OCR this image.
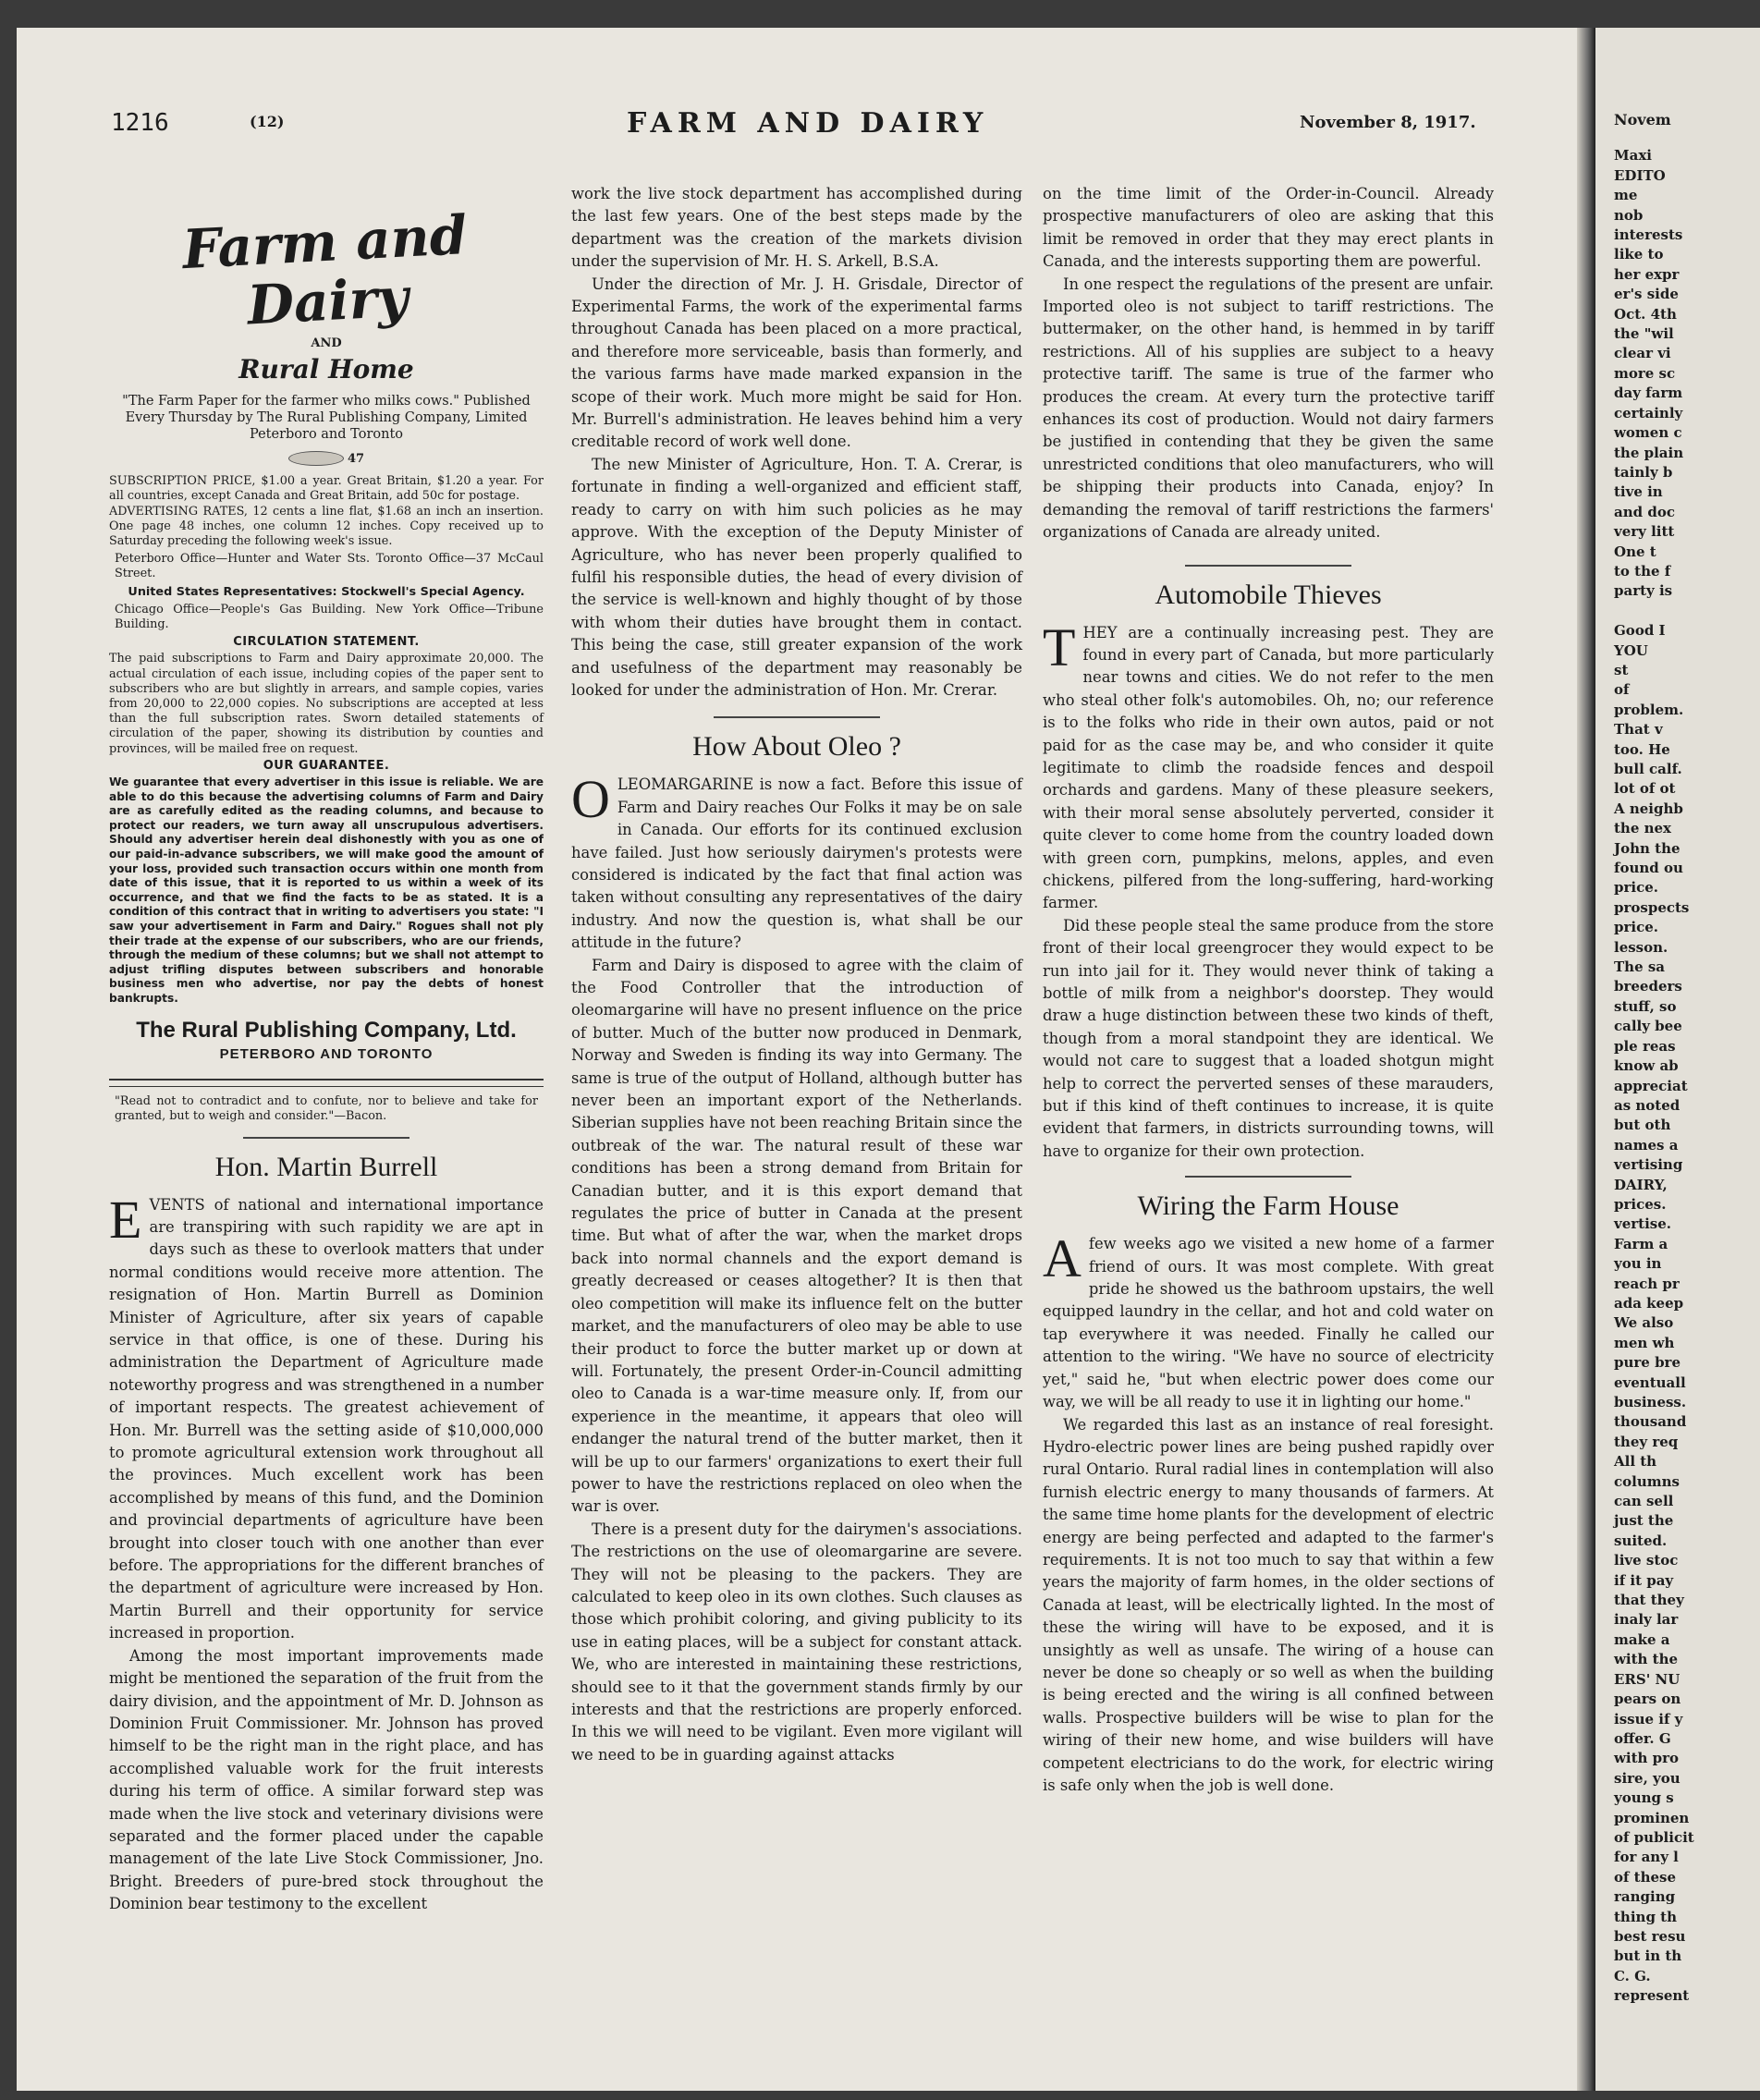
1216	(12)	FARM AND DAIRY	November 8, 1917.
Farm and Dairy
AND
Rural Home
"The Farm Paper for the farmer who milks cows." Published Every Thursday by The Rural Publishing Company, Limited Peterboro and Toronto
47

SUBSCRIPTION PRICE, $1.00 a year. Great Britain, $1.20 a year. For all countries, except Canada and Great Britain, add 50c for postage.

ADVERTISING RATES, 12 cents a line flat, $1.68 an inch an insertion. One page 48 inches, one column 12 inches. Copy received up to Saturday preceding the following week's issue.

Peterboro Office—Hunter and Water Sts. Toronto Office—37 McCaul Street.

United States Representatives: Stockwell's Special Agency.

Chicago Office—People's Gas Building. New York Office—Tribune Building.

CIRCULATION STATEMENT.

The paid subscriptions to Farm and Dairy approximate 20,000. The actual circulation of each issue, including copies of the paper sent to subscribers who are but slightly in arrears, and sample copies, varies from 20,000 to 22,000 copies. No subscriptions are accepted at less than the full subscription rates. Sworn detailed statements of circulation of the paper, showing its distribution by counties and provinces, will be mailed free on request.

OUR GUARANTEE.

We guarantee that every advertiser in this issue is reliable. We are able to do this because the advertising columns of Farm and Dairy are as carefully edited as the reading columns, and because to protect our readers, we turn away all unscrupulous advertisers. Should any advertiser herein deal dishonestly with you as one of our paid-in-advance subscribers, we will make good the amount of your loss, provided such transaction occurs within one month from date of this issue, that it is reported to us within a week of its occurrence, and that we find the facts to be as stated. It is a condition of this contract that in writing to advertisers you state: "I saw your advertisement in Farm and Dairy." Rogues shall not ply their trade at the expense of our subscribers, who are our friends, through the medium of these columns; but we shall not attempt to adjust trifling disputes between subscribers and honorable business men who advertise, nor pay the debts of honest bankrupts.

The Rural Publishing Company, Ltd.
PETERBORO AND TORONTO
"Read not to contradict and to confute, nor to believe and take for granted, but to weigh and consider."—Bacon.
Hon. Martin Burrell

EVENTS of national and international importance are transpiring with such rapidity we are apt in days such as these to overlook matters that under normal conditions would receive more attention. The resignation of Hon. Martin Burrell as Dominion Minister of Agriculture, after six years of capable service in that office, is one of these. During his administration the Department of Agriculture made noteworthy progress and was strengthened in a number of important respects. The greatest achievement of Hon. Mr. Burrell was the setting aside of $10,000,000 to promote agricultural extension work throughout all the provinces. Much excellent work has been accomplished by means of this fund, and the Dominion and provincial departments of agriculture have been brought into closer touch with one another than ever before. The appropriations for the different branches of the department of agriculture were increased by Hon. Martin Burrell and their opportunity for service increased in proportion.

Among the most important improvements made might be mentioned the separation of the fruit from the dairy division, and the appointment of Mr. D. Johnson as Dominion Fruit Commissioner. Mr. Johnson has proved himself to be the right man in the right place, and has accomplished valuable work for the fruit interests during his term of office. A similar forward step was made when the live stock and veterinary divisions were separated and the former placed under the capable management of the late Live Stock Commissioner, Jno. Bright. Breeders of pure-bred stock throughout the Dominion bear testimony to the excellent

work the live stock department has accomplished during the last few years. One of the best steps made by the department was the creation of the markets division under the supervision of Mr. H. S. Arkell, B.S.A.

Under the direction of Mr. J. H. Grisdale, Director of Experimental Farms, the work of the experimental farms throughout Canada has been placed on a more practical, and therefore more serviceable, basis than formerly, and the various farms have made marked expansion in the scope of their work. Much more might be said for Hon. Mr. Burrell's administration. He leaves behind him a very creditable record of work well done.

The new Minister of Agriculture, Hon. T. A. Crerar, is fortunate in finding a well-organized and efficient staff, ready to carry on with him such policies as he may approve. With the exception of the Deputy Minister of Agriculture, who has never been properly qualified to fulfil his responsible duties, the head of every division of the service is well-known and highly thought of by those with whom their duties have brought them in contact. This being the case, still greater expansion of the work and usefulness of the department may reasonably be looked for under the administration of Hon. Mr. Crerar.

How About Oleo ?

OLEOMARGARINE is now a fact. Before this issue of Farm and Dairy reaches Our Folks it may be on sale in Canada. Our efforts for its continued exclusion have failed. Just how seriously dairymen's protests were considered is indicated by the fact that final action was taken without consulting any representatives of the dairy industry. And now the question is, what shall be our attitude in the future?

Farm and Dairy is disposed to agree with the claim of the Food Controller that the introduction of oleomargarine will have no present influence on the price of butter. Much of the butter now produced in Denmark, Norway and Sweden is finding its way into Germany. The same is true of the output of Holland, although butter has never been an important export of the Netherlands. Siberian supplies have not been reaching Britain since the outbreak of the war. The natural result of these war conditions has been a strong demand from Britain for Canadian butter, and it is this export demand that regulates the price of butter in Canada at the present time. But what of after the war, when the market drops back into normal channels and the export demand is greatly decreased or ceases altogether? It is then that oleo competition will make its influence felt on the butter market, and the manufacturers of oleo may be able to use their product to force the butter market up or down at will. Fortunately, the present Order-in-Council admitting oleo to Canada is a war-time measure only. If, from our experience in the meantime, it appears that oleo will endanger the natural trend of the butter market, then it will be up to our farmers' organizations to exert their full power to have the restrictions replaced on oleo when the war is over.

There is a present duty for the dairymen's associations. The restrictions on the use of oleomargarine are severe. They will not be pleasing to the packers. They are calculated to keep oleo in its own clothes. Such clauses as those which prohibit coloring, and giving publicity to its use in eating places, will be a subject for constant attack. We, who are interested in maintaining these restrictions, should see to it that the government stands firmly by our interests and that the restrictions are properly enforced. In this we will need to be vigilant. Even more vigilant will we need to be in guarding against attacks

on the time limit of the Order-in-Council. Already prospective manufacturers of oleo are asking that this limit be removed in order that they may erect plants in Canada, and the interests supporting them are powerful.

In one respect the regulations of the present are unfair. Imported oleo is not subject to tariff restrictions. The buttermaker, on the other hand, is hemmed in by tariff restrictions. All of his supplies are subject to a heavy protective tariff. The same is true of the farmer who produces the cream. At every turn the protective tariff enhances its cost of production. Would not dairy farmers be justified in contending that they be given the same unrestricted conditions that oleo manufacturers, who will be shipping their products into Canada, enjoy? In demanding the removal of tariff restrictions the farmers' organizations of Canada are already united.

Automobile Thieves

THEY are a continually increasing pest. They are found in every part of Canada, but more particularly near towns and cities. We do not refer to the men who steal other folk's automobiles. Oh, no; our reference is to the folks who ride in their own autos, paid or not paid for as the case may be, and who consider it quite legitimate to climb the roadside fences and despoil orchards and gardens. Many of these pleasure seekers, with their moral sense absolutely perverted, consider it quite clever to come home from the country loaded down with green corn, pumpkins, melons, apples, and even chickens, pilfered from the long-suffering, hard-working farmer.

Did these people steal the same produce from the store front of their local greengrocer they would expect to be run into jail for it. They would never think of taking a bottle of milk from a neighbor's doorstep. They would draw a huge distinction between these two kinds of theft, though from a moral standpoint they are identical. We would not care to suggest that a loaded shotgun might help to correct the perverted senses of these marauders, but if this kind of theft continues to increase, it is quite evident that farmers, in districts surrounding towns, will have to organize for their own protection.

Wiring the Farm House

Afew weeks ago we visited a new home of a farmer friend of ours. It was most complete. With great pride he showed us the bathroom upstairs, the well equipped laundry in the cellar, and hot and cold water on tap everywhere it was needed. Finally he called our attention to the wiring. "We have no source of electricity yet," said he, "but when electric power does come our way, we will be all ready to use it in lighting our home."

We regarded this last as an instance of real foresight. Hydro-electric power lines are being pushed rapidly over rural Ontario. Rural radial lines in contemplation will also furnish electric energy to many thousands of farmers. At the same time home plants for the development of electric energy are being perfected and adapted to the farmer's requirements. It is not too much to say that within a few years the majority of farm homes, in the older sections of Canada at least, will be electrically lighted. In the most of these the wiring will have to be exposed, and it is unsightly as well as unsafe. The wiring of a house can never be done so cheaply or so well as when the building is being erected and the wiring is all confined between walls. Prospective builders will be wise to plan for the wiring of their new home, and wise builders will have competent electricians to do the work, for electric wiring is safe only when the job is well done.

Novem
Maxi
EDITO
me
nob
interests
like to
her expr
er's side
Oct. 4th
the "wil
clear vi
more sc
day farm
certainly
women c
the plain
tainly b
tive in
and doc
very litt
One t
to the f
party is

Good I
YOU
st
of
problem.
That v
too. He
bull calf.
lot of ot
A neighb
the nex
John the
found ou
price.
prospects
price.
lesson.
The sa
breeders
stuff, so
cally bee
ple reas
know ab
appreciat
as noted
but oth
names a
vertising
DAIRY,
prices.
vertise.
Farm a
you in
reach pr
ada keep
We also
men wh
pure bre
eventuall
business.
thousand
they req
All th
columns
can sell
just the
suited.
live stoc
if it pay
that they
inaly lar
make a
with the
ERS' NU
pears on
issue if y
offer. G
with pro
sire, you
young s
prominen
of publicit
for any l
of these
ranging
thing th
best resu
but in th
C. G.
represent
